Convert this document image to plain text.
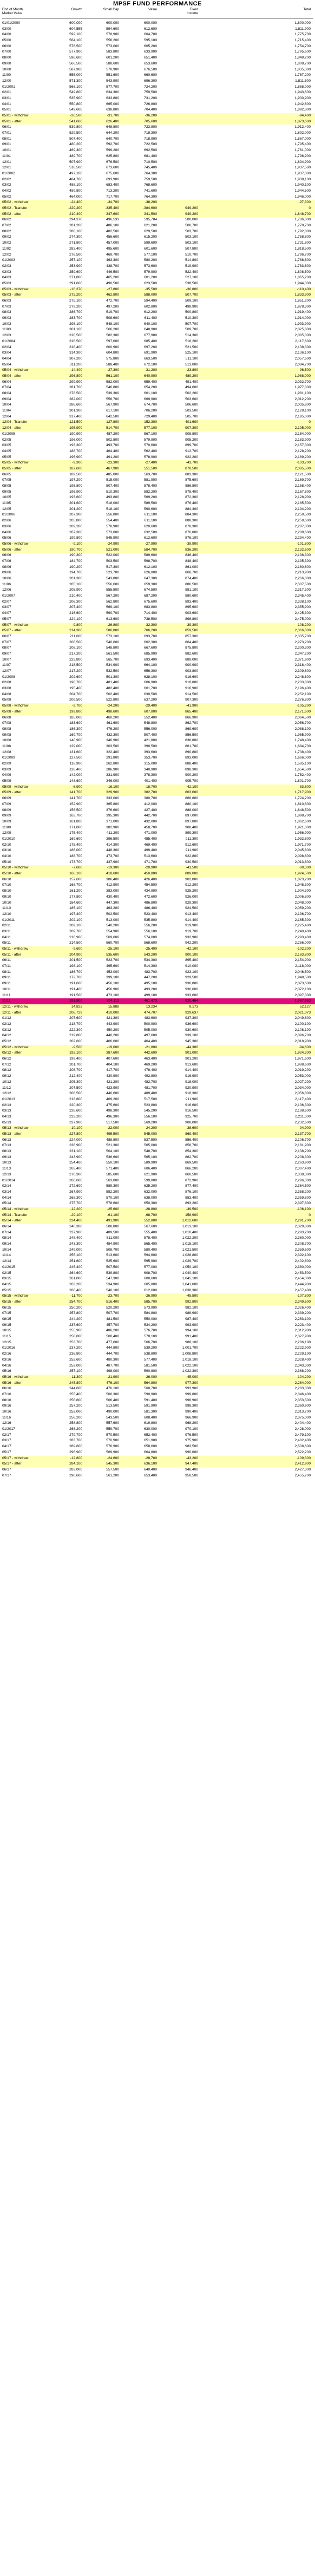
MPSF FUND PERFORMANCE
End of Month
Market Value
Growth	Small Cap	Value	Fixed
Income
Total
01/01/2000	600,000	600,000	600,000	1,800,000
03/00	604,555	594,600	612,600	1,811,900
04/00	592,100	578,900	604,700	1,775,700
05/00	564,100	556,200	595,100	1,715,400
06/00	576,500	573,000	605,200	1,754,700
07/00	577,900	583,800	633,900	1,795,600
08/00	596,600	601,200	651,400	1,849,200
09/00	566,500	588,600	653,600	1,808,700
10/00	587,900	570,900	676,500	1,835,300
11/00	555,000	551,600	660,600	1,767,200
12/00	571,300	543,900	696,300	1,811,500
01/2001	566,100	577,700	724,200	1,868,000
02/01	549,800	634,300	759,500	1,943,600
03/01	535,900	633,800	731,200	1,900,900
04/01	550,800	665,000	726,800	1,942,600
05/01	549,600	638,800	704,400	1,892,800
05/01 - withdraw	-26,500	-31,700	-36,200	-94,400
05/01 - after	541,600	626,400	705,600	1,873,600
06/01	539,800	648,800	723,800	1,912,400
07/01	529,500	644,200	718,300	1,892,000
08/01	507,400	640,700	718,900	1,867,000
09/01	480,200	592,700	722,500	1,795,400
10/01	469,300	599,200	692,500	1,761,000
11/01	489,700	625,800	681,400	1,796,900
12/01	507,900	676,500	710,500	1,894,900
12/01	518,500	673,600	745,400	1,937,500
01/2002	497,100	675,600	764,300	1,937,000
02/02	484,700	693,900	759,500	1,938,100
03/02	488,100	683,400	768,600	1,940,100
04/02	489,800	713,200	741,600	1,944,500
05/02	464,000	717,700	764,300	1,946,000
05/02 - withdraw	-24,400	-34,700	-38,200	-97,300
05/02 - Transfer	-229,200	-335,400	-384,600	949,200	0
05/02 - after	210,400	347,600	341,500	949,200	1,848,700
06/02	294,370	496,533	595,784	500,000	1,786,000
07/02	281,200	486,100	621,200	500,700	1,778,700
08/02	280,100	482,500	629,500	503,700	1,792,800
09/02	274,300	456,600	615,200	503,100	1,758,800
10/02	271,800	457,000	599,600	503,100	1,731,800
11/02	283,400	495,600	601,600	507,800	1,818,500
12/02	276,500	469,700	577,100	510,700	1,796,700
01/2003	257,100	463,300	580,200	514,800	1,788,600
02/03	253,900	438,700	573,600	519,900	1,783,600
03/03	259,600	446,500	579,900	522,400	1,808,500
04/03	271,800	465,200	601,200	527,100	1,865,200
05/03	291,600	490,500	623,500	538,500	1,944,300
05/03 - withdraw	-16,370	-27,800	-35,500	-30,800	-110,400
05/03 - after	275,200	462,800	588,000	507,700	1,833,900
06/03	275,100	472,700	594,400	509,100	1,851,200
07/03	279,200	497,200	602,800	498,900	1,878,300
08/03	286,700	519,700	612,200	500,800	1,919,400
09/03	283,700	508,600	611,400	510,300	1,914,000
10/03	298,100	548,100	640,100	507,700	1,993,900
11/03	301,100	566,200	648,900	509,700	2,025,800
12/03	310,500	582,300	677,900	514,300	2,085,000
01/2004	316,500	597,600	685,400	518,200	2,117,600
02/04	318,400	600,900	697,200	521,500	2,138,300
03/04	314,300	604,800	691,900	525,100	2,136,100
04/04	307,200	575,800	663,500	511,100	2,057,600
05/04	311,200	588,400	672,100	513,000	2,084,700
05/04 - withdraw	-14,400	-27,300	-31,200	-23,800	-96,500
05/04 - after	296,800	561,100	640,900	489,200	1,988,000
06/04	299,900	582,000	659,400	491,400	2,032,700
07/04	281,700	546,800	654,200	494,600	1,977,300
08/04	278,500	539,300	661,100	502,200	1,981,100
09/04	282,000	556,700	669,900	503,600	2,012,200
10/04	286,600	567,900	674,700	506,600	2,035,800
11/04	301,300	617,100	706,200	503,500	2,128,100
12/04	317,400	642,500	729,400	505,700	2,195,000
12/04 - Transfer	-121,500	-127,800	-152,300	401,600	0
12/04 - after	195,900	514,700	577,100	907,300	2,195,000
01/2005	190,900	487,200	567,100	908,800	2,154,000
02/05	196,000	502,800	579,900	905,200	2,183,900
03/05	193,300	493,700	570,600	899,700	2,157,300
04/05	188,700	464,400	562,400	912,700	2,128,200
05/05	196,900	491,200	578,900	922,200	2,189,200
05/05 - withdraw	-9,300	-23,300	-27,400	-43,700	-103,700
05/05 - after	187,600	467,900	551,500	878,500	2,085,500
06/05	189,500	485,000	563,700	883,300	2,121,500
07/05	197,200	515,000	581,900	875,600	2,169,700
08/05	195,800	507,400	578,400	886,800	2,168,400
09/05	196,900	510,300	582,200	878,400	2,167,800
10/05	193,600	493,800	569,200	872,300	2,128,900
11/05	201,600	518,000	589,500	876,400	2,185,500
12/05	201,200	518,100	590,600	884,300	2,194,200
01/2006	207,300	556,800	611,100	884,300	2,259,500
02/06	205,800	554,400	611,100	888,300	2,259,600
03/06	209,200	578,900	620,600	878,300	2,287,000
04/06	207,300	573,000	632,500	876,800	2,289,600
05/06	199,800	545,900	612,600	876,100	2,234,400
05/06 - withdraw	-9,100	-24,900	-27,900	-39,900	-101,800
05/06 - after	190,700	521,000	584,700	836,200	2,132,600
06/06	190,300	522,000	589,600	836,400	2,138,300
07/06	184,700	503,500	598,700	848,400	2,135,300
08/06	190,200	517,300	612,100	861,000	2,180,600
09/06	194,700	523,700	626,800	868,700	2,213,900
10/06	201,300	543,800	647,300	874,400	2,266,800
11/06	205,100	556,600	659,300	886,500	2,307,500
12/06	205,900	555,800	674,500	881,100	2,317,300
01/2007	210,400	567,200	687,200	880,600	2,345,400
02/07	206,300	562,800	675,600	893,400	2,338,100
03/07	207,400	569,100	683,800	895,600	2,355,900
04/07	216,600	590,700	714,400	903,600	2,425,300
05/07	224,100	613,600	738,500	898,800	2,475,000
05/07 - withdraw	-9,800	-26,800	-32,300	-39,300	-108,200
05/07 - after	214,300	586,800	706,200	859,500	2,366,800
06/07	211,600	573,100	693,700	857,300	2,335,700
07/07	206,500	540,000	662,300	864,400	2,273,200
08/07	208,100	548,800	667,600	875,800	2,300,300
09/07	217,200	561,500	685,900	882,600	2,347,200
10/07	223,800	565,700	693,400	889,000	2,371,900
11/07	218,500	534,900	664,100	900,900	2,318,400
12/07	217,200	532,500	656,300	903,800	2,309,800
01/2008	202,600	501,300	628,100	916,600	2,248,600
02/08	196,700	481,400	606,900	918,800	2,203,800
03/08	195,400	482,400	601,700	916,900	2,196,400
04/08	204,700	502,400	630,500	914,500	2,252,100
05/08	209,500	522,800	637,200	907,300	2,276,800
05/08 - withdraw	-9,700	-24,200	-29,400	-41,900	-105,200
05/08 - after	199,800	498,600	607,800	865,400	2,171,600
06/08	185,000	460,200	552,400	866,900	2,064,500
07/08	183,600	461,600	548,800	862,700	2,056,700
08/08	186,300	476,200	556,000	869,600	2,088,100
09/08	169,700	432,300	507,400	856,500	1,965,900
10/08	140,900	346,900	421,800	838,800	1,748,400
11/08	129,000	303,500	390,500	861,700	1,684,700
12/08	131,600	322,400	393,600	890,800	1,738,400
01/2009	127,500	291,800	353,700	893,000	1,666,000
02/09	118,900	262,800	315,000	888,400	1,585,100
03/09	128,400	286,900	340,900	898,300	1,654,500
04/09	142,000	331,900	378,300	900,200	1,752,400
05/09	148,600	346,000	401,400	905,700	1,801,700
05/09 - withdraw	-6,900	-16,100	-18,700	-42,100	-83,800
05/09 - after	141,700	329,900	382,700	863,600	1,717,900
06/09	141,700	333,000	380,700	868,800	1,724,200
07/09	152,900	365,800	412,000	880,100	1,810,800
08/09	156,500	376,600	427,400	888,000	1,848,500
09/09	163,700	395,300	442,700	897,000	1,898,700
10/09	161,800	371,000	432,000	897,800	1,862,600
11/09	171,000	382,900	458,700	908,400	1,921,000
12/09	175,400	411,200	471,000	899,300	1,956,900
01/2010	169,600	396,500	455,400	911,300	1,932,800
02/10	175,400	414,300	469,400	912,600	1,971,700
03/10	186,000	448,300	499,400	911,900	2,045,600
04/10	188,700	473,700	513,600	922,800	2,098,800
05/10	173,700	437,900	471,700	930,500	2,013,800
05/10 - withdraw	-7,600	-19,300	-20,900	-41,500	-89,300
05/10 - after	166,100	418,600	450,800	889,000	1,924,500
06/10	157,600	386,400	426,400	902,800	1,873,200
07/10	168,700	412,900	454,500	912,200	1,948,300
08/10	161,200	383,000	434,900	925,200	1,904,300
09/10	177,800	430,400	472,600	926,000	2,006,800
10/10	184,600	447,300	486,800	929,300	2,048,000
11/10	185,100	463,200	486,400	924,500	2,059,200
12/10	197,400	502,500	523,400	913,400	2,136,700
01/2011	202,100	513,000	535,800	914,400	2,165,300
02/11	209,100	540,200	556,200	919,900	2,225,400
03/11	209,700	554,900	556,100	919,700	2,240,400
04/11	216,900	569,600	574,000	932,900	2,293,400
05/11	214,500	560,700	568,600	942,200	2,286,000
05/11 - withdraw	-9,600	-25,100	-25,400	-42,100	-102,200
05/11 - after	204,900	535,600	543,200	900,100	2,183,800
06/11	201,500	523,700	534,300	895,400	2,154,900
07/11	198,100	495,600	514,300	910,000	2,118,000
08/11	186,700	453,000	483,700	923,100	2,046,500
09/11	172,700	399,100	447,200	929,500	1,948,500
09/11	191,600	456,100	495,100	930,800	2,073,600
10/11	191,400	456,900	493,200	930,600	2,072,100
11/11	191,500	473,100	499,100	933,600	2,097,300
11/11	191,900	394,112	461,473	920,464	1,967,953
12/11 - withdraw	14,822	15,888	13,234	9,173	52,127
12/11 - after	206,729	410,000	474,707	929,637	2,021,073
01/12	207,600	421,300	483,600	937,300	2,049,800
02/12	218,700	443,900	500,900	936,600	2,100,100
03/12	222,300	450,200	505,000	930,600	2,108,100
04/12	219,800	440,200	497,600	939,100	2,096,700
05/12	202,600	406,600	464,400	945,300	2,018,900
05/12 - withdraw	-9,500	-19,000	-21,800	-44,300	-94,600
05/12 - after	193,100	387,600	442,600	901,000	1,924,300
06/12	199,400	407,600	463,400	901,200	1,971,600
07/12	201,700	404,100	469,200	913,600	1,988,600
08/12	208,700	417,700	478,400	914,400	2,019,200
09/12	212,400	430,900	492,800	916,900	2,053,000
10/12	205,300	421,200	482,700	918,000	2,027,200
11/12	207,500	423,900	481,700	920,900	2,034,000
12/12	208,500	440,600	489,400	918,300	2,056,800
01/2013	218,800	469,200	517,500	911,900	2,117,400
02/13	220,300	475,600	523,800	916,600	2,136,300
03/13	228,600	498,300	545,200	916,500	2,188,600
04/13	233,200	496,300	556,100	925,700	2,211,300
05/13	237,900	517,500	569,200	908,000	2,232,600
05/13 - withdraw	-10,100	-22,000	-24,200	-38,600	-94,900
05/13 - after	227,800	495,500	545,000	869,400	2,137,700
06/13	224,000	488,800	537,500	856,400	2,106,700
07/13	236,900	521,300	565,000	858,700	2,181,900
08/13	231,100	504,100	548,700	854,300	2,138,200
09/13	243,900	536,600	565,100	862,700	2,208,300
10/13	254,400	550,100	589,900	869,500	2,263,900
11/13	263,400	571,400	606,400	866,200	2,307,400
12/13	270,300	585,600	621,900	860,500	2,338,300
01/2014	260,600	563,000	599,800	872,900	2,296,300
02/14	272,600	589,300	625,200	877,400	2,364,500
03/14	267,900	582,200	632,000	876,100	2,358,200
04/14	268,300	570,100	638,000	883,400	2,359,800
05/14	275,700	578,600	650,300	893,200	2,397,800
05/14 - withdraw	-12,200	-25,600	-28,800	-39,500	-106,100
05/14 - Transfer	-29,100	-61,100	-68,700	158,900	0
05/14 - after	234,400	491,900	552,800	1,012,600	2,291,700
06/14	240,300	508,800	567,600	1,013,100	2,329,800
07/14	237,900	489,500	555,400	1,010,400	2,293,200
08/14	248,400	511,000	578,400	1,022,200	2,360,000
09/14	243,300	484,900	565,400	1,015,100	2,308,700
10/14	249,000	508,700	580,400	1,021,500	2,359,600
11/14	255,100	513,600	594,600	1,028,800	2,392,100
12/14	251,600	525,600	595,900	1,029,700	2,402,800
01/2015	245,400	507,500	577,000	1,050,100	2,380,000
02/15	264,600	539,800	608,700	1,040,400	2,453,500
03/15	261,000	547,300	600,600	1,045,100	2,454,000
04/15	263,200	534,900	605,800	1,041,000	2,444,900
05/15	266,400	540,100	612,600	1,038,300	2,457,400
05/15 - withdraw	-11,700	-23,700	-26,900	-45,500	-107,800
05/15 - after	254,700	516,400	585,700	992,800	2,349,600
06/15	250,200	520,200	573,900	982,100	2,326,400
07/15	257,800	507,700	584,800	988,900	2,339,200
08/15	244,200	481,500	550,000	987,400	2,263,100
09/15	237,600	457,700	534,200	993,900	2,223,400
10/15	255,900	486,200	576,700	994,100	2,312,900
11/15	258,000	500,400	578,100	991,400	2,327,900
12/15	253,700	477,600	566,700	988,100	2,286,100
01/2016	237,200	444,800	539,200	1,001,700	2,222,900
02/16	236,800	444,700	538,800	1,008,800	2,229,100
03/16	252,600	480,300	577,400	1,018,100	2,328,400
04/16	252,000	487,700	581,500	1,022,100	2,343,300
05/16	257,100	498,000	590,800	1,022,300	2,368,200
05/16 - withdraw	-11,300	-21,900	-26,000	-45,000	-104,200
05/16 - after	245,800	476,100	564,800	977,300	2,264,000
06/16	244,600	476,100	568,700	993,900	2,283,300
07/16	255,400	500,300	590,900	999,800	2,346,400
08/16	256,800	506,400	591,400	998,900	2,353,500
09/16	257,200	513,500	591,900	998,300	2,360,900
10/16	252,000	490,000	581,300	990,400	2,313,700
11/16	256,200	543,500	608,400	966,900	2,375,000
12/16	258,800	557,600	619,800	968,200	2,404,400
01/2017	268,200	559,700	630,000	970,100	2,428,000
02/17	279,700	570,500	652,400	976,500	2,479,100
03/17	283,700	570,900	651,900	975,900	2,482,400
04/17	289,600	576,900	658,600	983,500	2,508,600
05/17	296,900	569,900	664,800	990,600	2,522,200
05/17 - withdraw	-12,800	-24,600	-28,700	-43,200	-109,300
05/17 - after	284,100	545,300	636,100	947,400	2,412,900
06/17	283,000	557,500	640,400	946,400	2,427,300
07/17	290,600	561,200	653,400	950,500	2,455,700
